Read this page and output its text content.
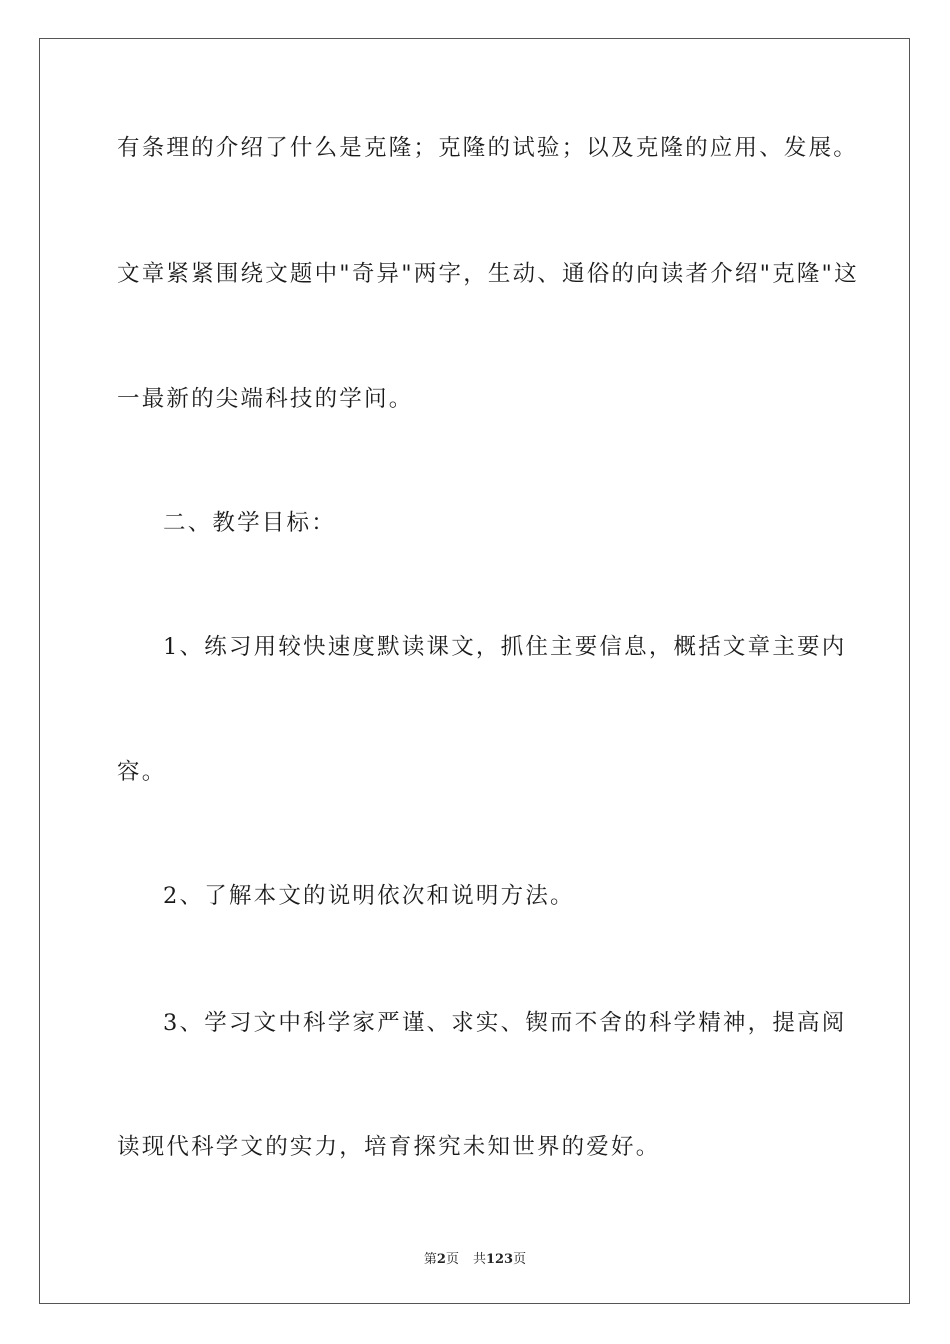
有条理的介绍了什么是克隆；克隆的试验；以及克隆的应用、发展。
文章紧紧围绕文题中"奇异"两字，生动、通俗的向读者介绍"克隆"这
一最新的尖端科技的学问。
二、教学目标：
1、练习用较快速度默读课文，抓住主要信息，概括文章主要内
容。
2、了解本文的说明依次和说明方法。
3、学习文中科学家严谨、求实、锲而不舍的科学精神，提高阅
读现代科学文的实力，培育探究未知世界的爱好。
第2页 共123页
